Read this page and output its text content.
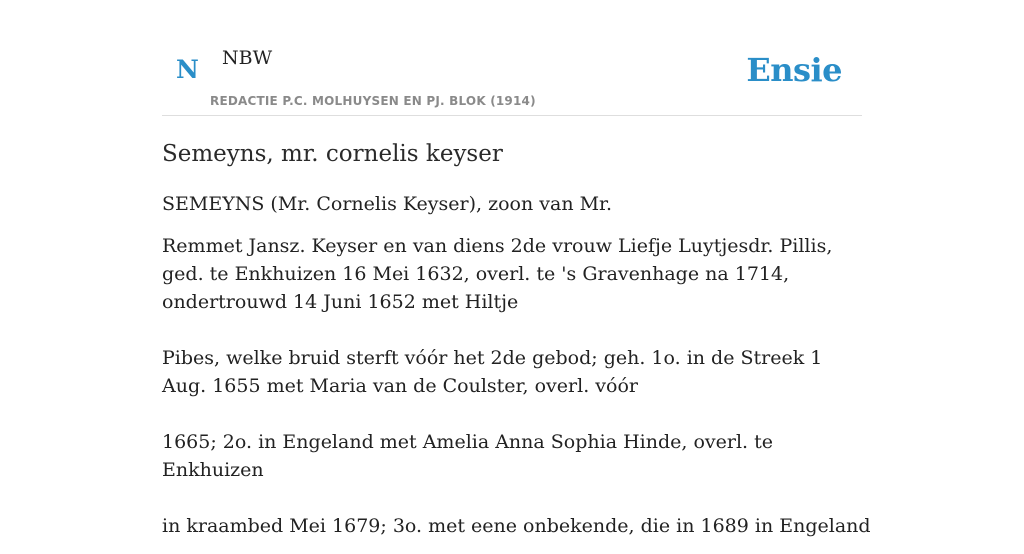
N NBW
REDACTIE P.C. MOLHUYSEN EN PJ. BLOK (1914)
Ensie
Semeyns, mr. cornelis keyser

SEMEYNS (Mr. Cornelis Keyser), zoon van Mr.

Remmet Jansz. Keyser en van diens 2de vrouw Liefje Luytjesdr. Pillis, ged. te Enkhuizen 16 Mei 1632, overl. te 's Gravenhage na 1714, ondertrouwd 14 Juni 1652 met Hiltje

Pibes, welke bruid sterft vóór het 2de gebod; geh. 1o. in de Streek 1 Aug. 1655 met Maria van de Coulster, overl. vóór

1665; 2o. in Engeland met Amelia Anna Sophia Hinde, overl. te Enkhuizen

in kraambed Mei 1679; 3o. met eene onbekende, die in 1689 in Engeland
